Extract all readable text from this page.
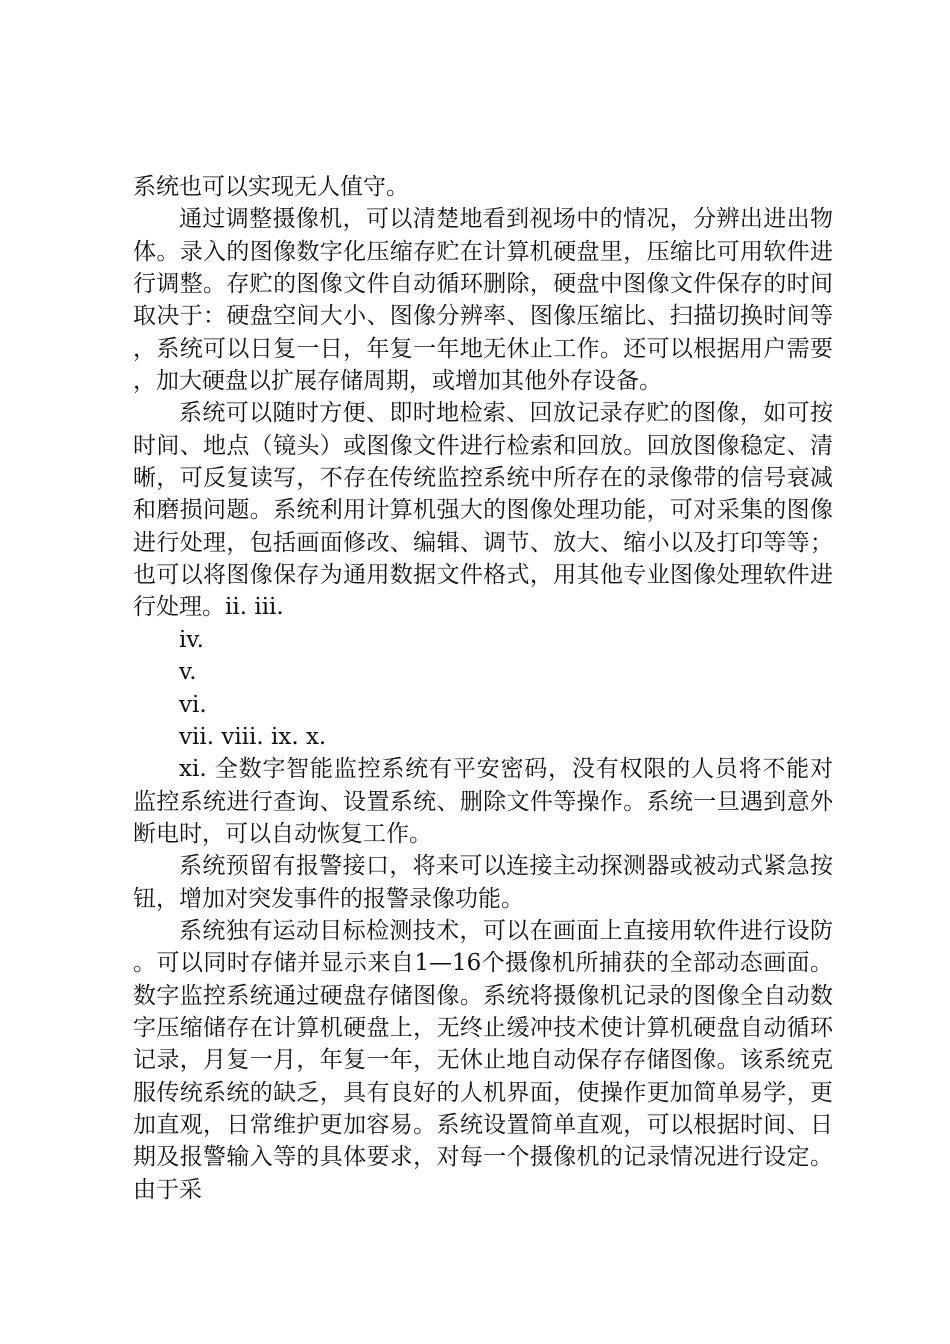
系统也可以实现无人值守。

通过调整摄像机，可以清楚地看到视场中的情况，分辨出进出物体。录入的图像数字化压缩存贮在计算机硬盘里，压缩比可用软件进行调整。存贮的图像文件自动循环删除，硬盘中图像文件保存的时间取决于：硬盘空间大小、图像分辨率、图像压缩比、扫描切换时间等，系统可以日复一日，年复一年地无休止工作。还可以根据用户需要，加大硬盘以扩展存储周期，或增加其他外存设备。

系统可以随时方便、即时地检索、回放记录存贮的图像，如可按时间、地点（镜头）或图像文件进行检索和回放。回放图像稳定、清晰，可反复读写，不存在传统监控系统中所存在的录像带的信号衰减和磨损问题。系统利用计算机强大的图像处理功能，可对采集的图像进行处理，包括画面修改、编辑、调节、放大、缩小以及打印等等；也可以将图像保存为通用数据文件格式，用其他专业图像处理软件进行处理。ii. iii.

iv.

v.

vi.

vii. viii. ix. x.

xi. 全数字智能监控系统有平安密码，没有权限的人员将不能对监控系统进行查询、设置系统、删除文件等操作。系统一旦遇到意外断电时，可以自动恢复工作。

系统预留有报警接口，将来可以连接主动探测器或被动式紧急按钮，增加对突发事件的报警录像功能。

系统独有运动目标检测技术，可以在画面上直接用软件进行设防。可以同时存储并显示来自1—16个摄像机所捕获的全部动态画面。数字监控系统通过硬盘存储图像。系统将摄像机记录的图像全自动数字压缩储存在计算机硬盘上，无终止缓冲技术使计算机硬盘自动循环记录，月复一月，年复一年，无休止地自动保存存储图像。该系统克服传统系统的缺乏，具有良好的人机界面，使操作更加简单易学，更加直观，日常维护更加容易。系统设置简单直观，可以根据时间、日期及报警输入等的具体要求，对每一个摄像机的记录情况进行设定。由于采
